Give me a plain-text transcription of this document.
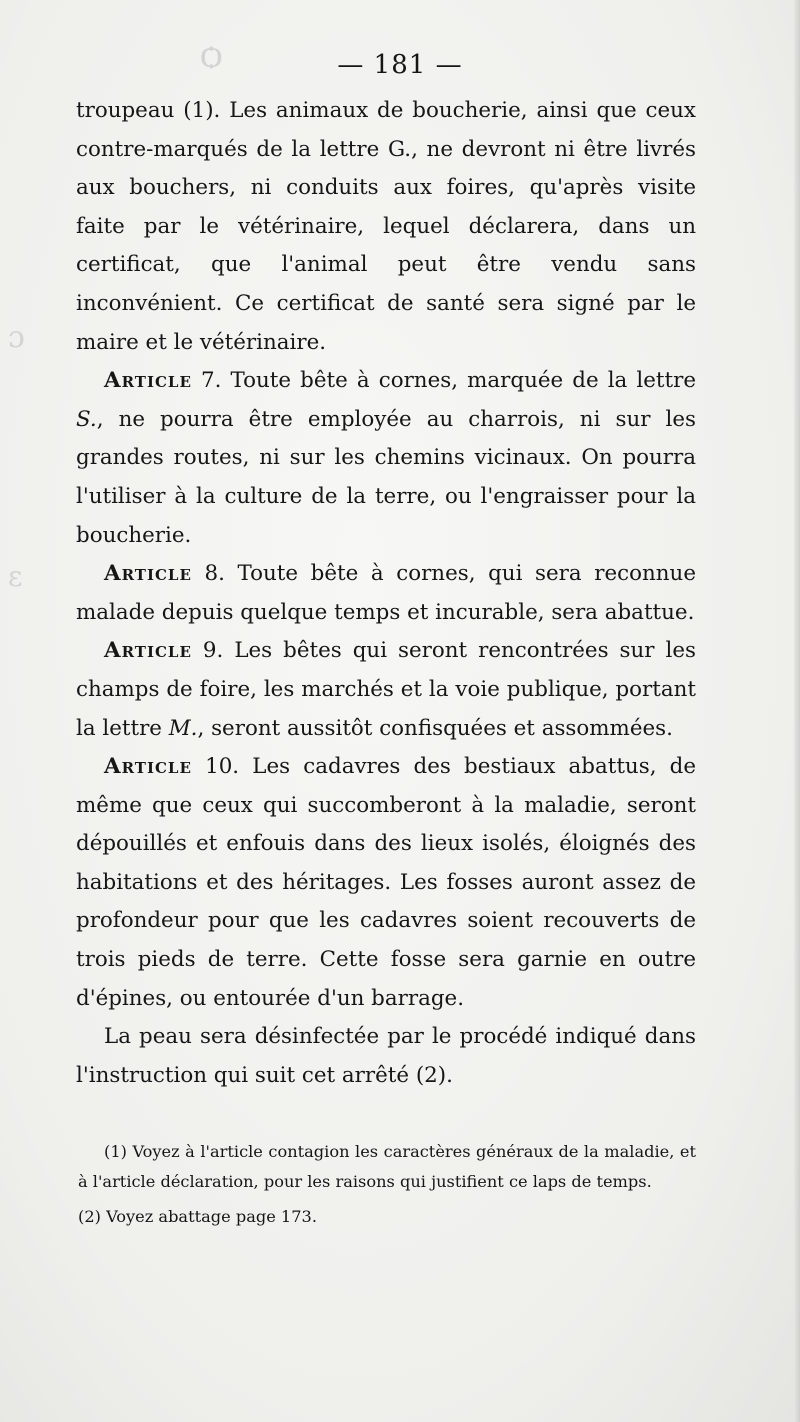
ѻ
ɔ
ε
— 181 —

troupeau (1). Les animaux de boucherie, ainsi que ceux contre-marqués de la lettre G., ne devront ni être livrés aux bouchers, ni conduits aux foires, qu'après visite faite par le vétérinaire, lequel déclarera, dans un certificat, que l'animal peut être vendu sans inconvénient. Ce certificat de santé sera signé par le maire et le vétérinaire.

Article 7. Toute bête à cornes, marquée de la lettre S., ne pourra être employée au charrois, ni sur les grandes routes, ni sur les chemins vicinaux. On pourra l'utiliser à la culture de la terre, ou l'engraisser pour la boucherie.

Article 8. Toute bête à cornes, qui sera reconnue malade depuis quelque temps et incurable, sera abattue.

Article 9. Les bêtes qui seront rencontrées sur les champs de foire, les marchés et la voie publique, portant la lettre M., seront aussitôt confisquées et assommées.

Article 10. Les cadavres des bestiaux abattus, de même que ceux qui succomberont à la maladie, seront dépouillés et enfouis dans des lieux isolés, éloignés des habitations et des héritages. Les fosses auront assez de profondeur pour que les cadavres soient recouverts de trois pieds de terre. Cette fosse sera garnie en outre d'épines, ou entourée d'un barrage.

La peau sera désinfectée par le procédé indiqué dans l'instruction qui suit cet arrêté (2).

(1) Voyez à l'article contagion les caractères généraux de la maladie, et à l'article déclaration, pour les raisons qui justifient ce laps de temps.

(2) Voyez abattage page 173.
